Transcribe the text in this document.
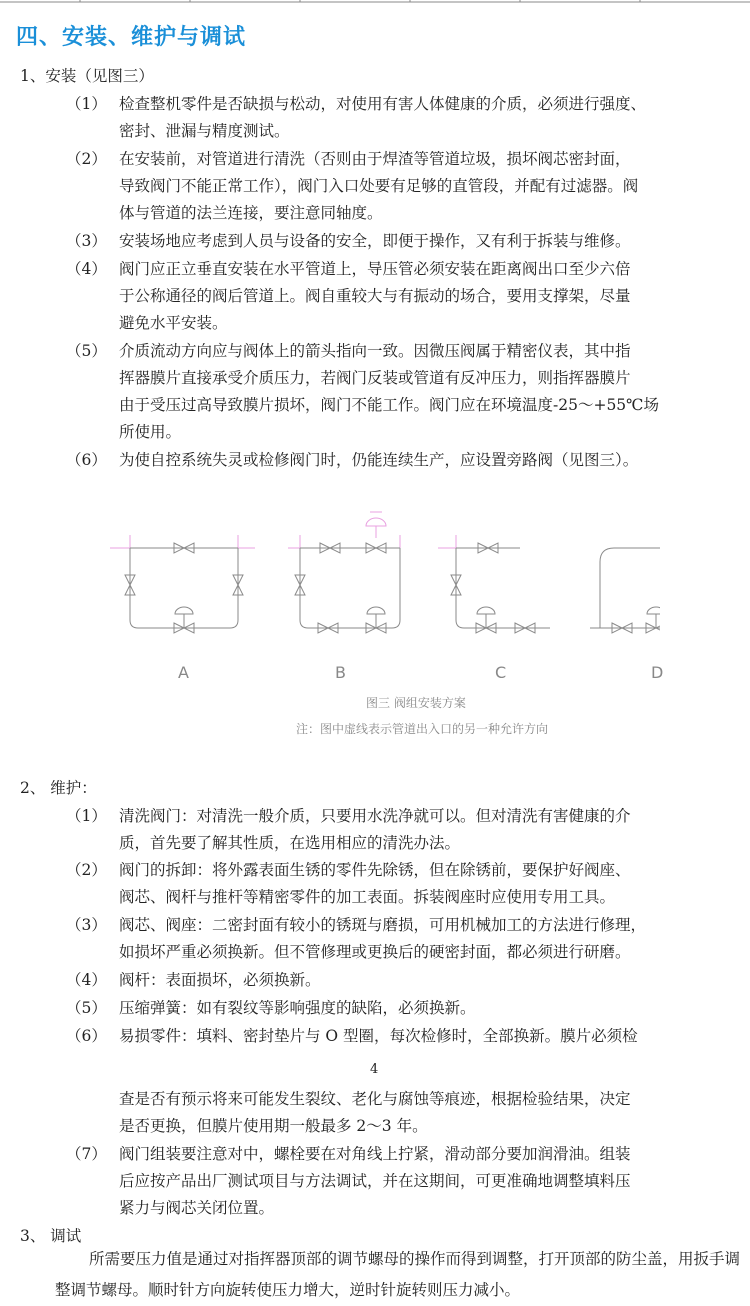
四、安装、维护与调试
1、安装（见图三）
（1） 检查整机零件是否缺损与松动，对使用有害人体健康的介质，必须进行强度、
密封、泄漏与精度测试。
（2） 在安装前，对管道进行清洗（否则由于焊渣等管道垃圾，损坏阀芯密封面，
导致阀门不能正常工作），阀门入口处要有足够的直管段，并配有过滤器。阀
体与管道的法兰连接，要注意同轴度。
（3） 安装场地应考虑到人员与设备的安全，即便于操作，又有利于拆装与维修。
（4） 阀门应正立垂直安装在水平管道上，导压管必须安装在距离阀出口至少六倍
于公称通径的阀后管道上。阀自重较大与有振动的场合，要用支撑架，尽量
避免水平安装。
（5） 介质流动方向应与阀体上的箭头指向一致。因微压阀属于精密仪表，其中指
挥器膜片直接承受介质压力，若阀门反装或管道有反冲压力，则指挥器膜片
由于受压过高导致膜片损坏，阀门不能工作。阀门应在环境温度-25～+55℃场
所使用。
（6） 为使自控系统失灵或检修阀门时，仍能连续生产，应设置旁路阀（见图三）。
A	B	C	D
图三 阀组安装方案
注：图中虚线表示管道出入口的另一种允许方向
2、 维护：
（1） 清洗阀门：对清洗一般介质，只要用水洗净就可以。但对清洗有害健康的介
质，首先要了解其性质，在选用相应的清洗办法。
（2） 阀门的拆卸：将外露表面生锈的零件先除锈，但在除锈前，要保护好阀座、
阀芯、阀杆与推杆等精密零件的加工表面。拆装阀座时应使用专用工具。
（3） 阀芯、阀座：二密封面有较小的锈斑与磨损，可用机械加工的方法进行修理，
如损坏严重必须换新。但不管修理或更换后的硬密封面，都必须进行研磨。
（4） 阀杆：表面损坏，必须换新。
（5） 压缩弹簧：如有裂纹等影响强度的缺陷，必须换新。
（6） 易损零件：填料、密封垫片与 O 型圈，每次检修时，全部换新。膜片必须检
4
查是否有预示将来可能发生裂纹、老化与腐蚀等痕迹，根据检验结果，决定
是否更换，但膜片使用期一般最多 2～3 年。
（7） 阀门组装要注意对中，螺栓要在对角线上拧紧，滑动部分要加润滑油。组装
后应按产品出厂测试项目与方法调试，并在这期间，可更准确地调整填料压
紧力与阀芯关闭位置。
3、 调试
所需要压力值是通过对指挥器顶部的调节螺母的操作而得到调整，打开顶部的防尘盖，用扳手调整调节螺母。顺时针方向旋转使压力增大，逆时针旋转则压力减小。
